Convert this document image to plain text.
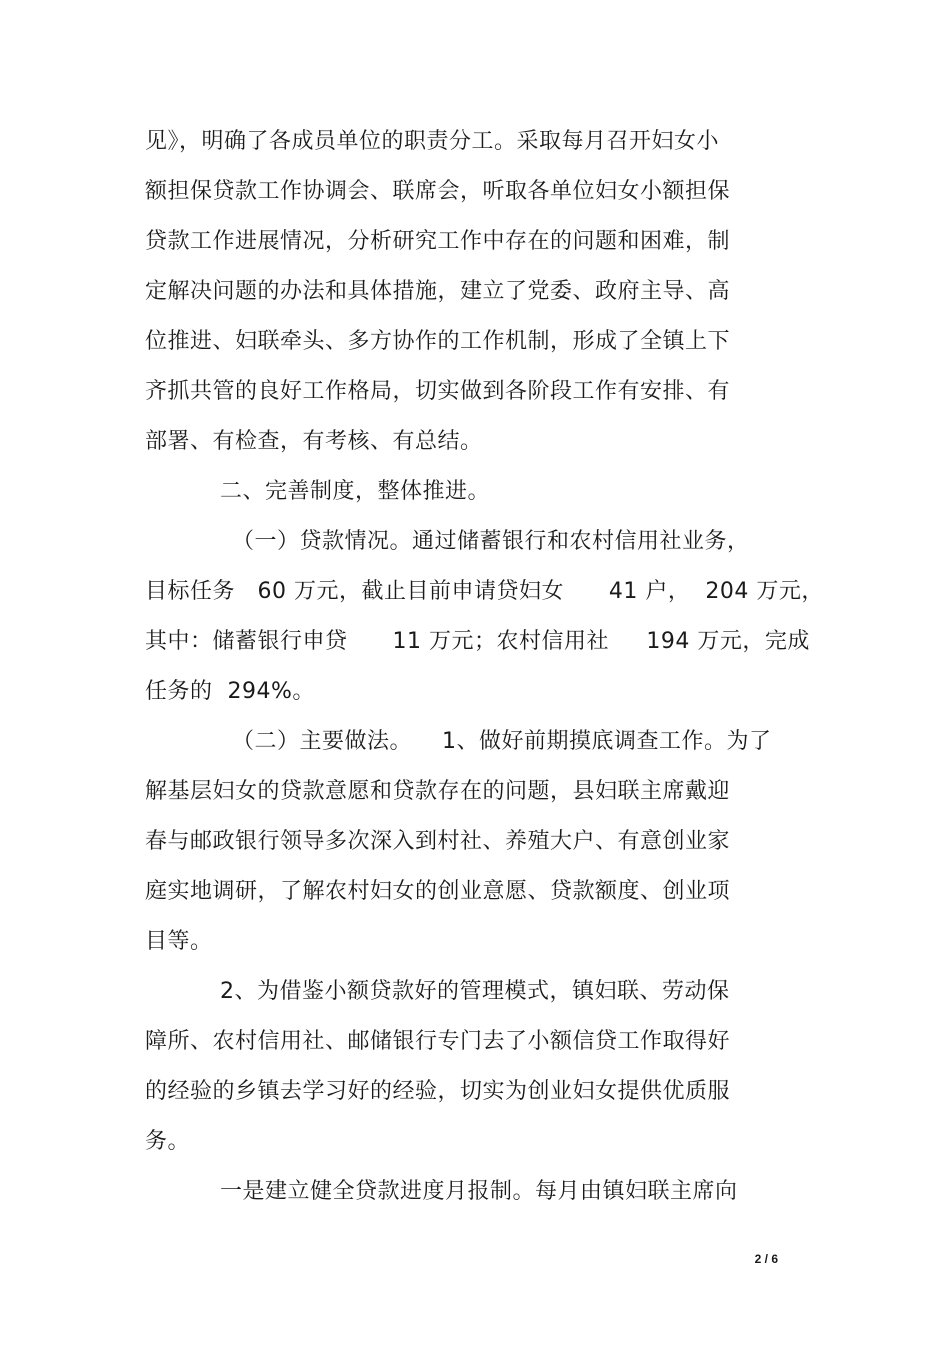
见》，明确了各成员单位的职责分工。采取每月召开妇女小
额担保贷款工作协调会、联席会，听取各单位妇女小额担保
贷款工作进展情况，分析研究工作中存在的问题和困难，制
定解决问题的办法和具体措施，建立了党委、政府主导、高
位推进、妇联牵头、多方协作的工作机制，形成了全镇上下
齐抓共管的良好工作格局，切实做到各阶段工作有安排、有
部署、有检查，有考核、有总结。
二、完善制度，整体推进。
（一）贷款情况。通过储蓄银行和农村信用社业务，
目标任务   60 万元，截止目前申请贷妇女      41 户，  204 万元，
其中：储蓄银行申贷      11 万元；农村信用社     194 万元，完成
任务的  294%。
（二）主要做法。    1、做好前期摸底调查工作。为了
解基层妇女的贷款意愿和贷款存在的问题，县妇联主席戴迎
春与邮政银行领导多次深入到村社、养殖大户、有意创业家
庭实地调研，了解农村妇女的创业意愿、贷款额度、创业项
目等。
2、为借鉴小额贷款好的管理模式，镇妇联、劳动保
障所、农村信用社、邮储银行专门去了小额信贷工作取得好
的经验的乡镇去学习好的经验，切实为创业妇女提供优质服
务。
一是建立健全贷款进度月报制。每月由镇妇联主席向
2 / 6
